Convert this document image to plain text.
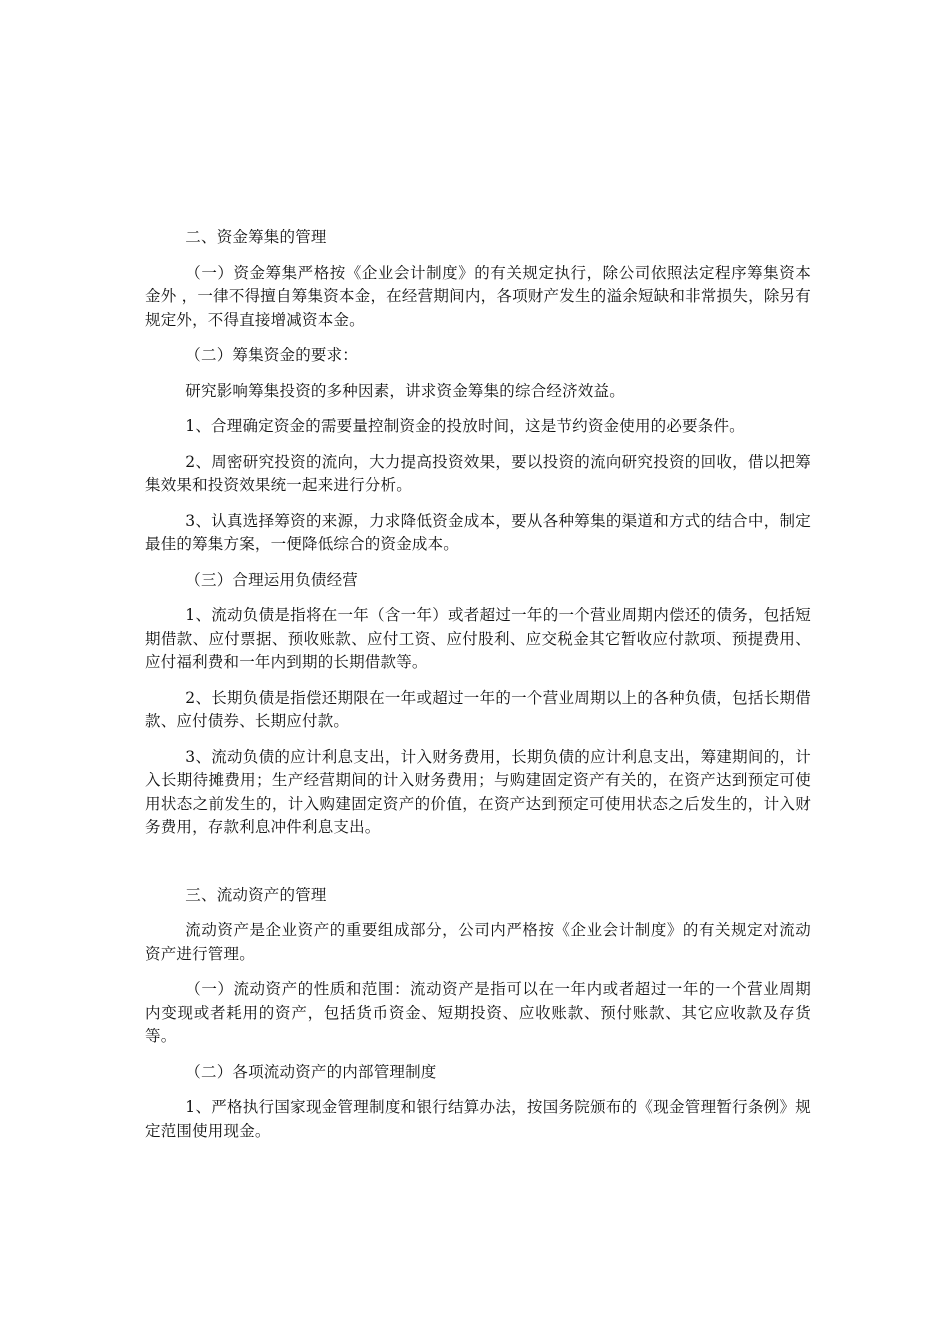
二、资金筹集的管理

（一）资金筹集严格按《企业会计制度》的有关规定执行，除公司依照法定程序筹集资本金外 ，一律不得擅自筹集资本金，在经营期间内，各项财产发生的溢余短缺和非常损失，除另有规定外，不得直接增减资本金。

（二）筹集资金的要求：

研究影响筹集投资的多种因素，讲求资金筹集的综合经济效益。

1、合理确定资金的需要量控制资金的投放时间，这是节约资金使用的必要条件。

2、周密研究投资的流向，大力提高投资效果，要以投资的流向研究投资的回收，借以把筹集效果和投资效果统一起来进行分析。

3、认真选择筹资的来源，力求降低资金成本，要从各种筹集的渠道和方式的结合中，制定最佳的筹集方案，一便降低综合的资金成本。

（三）合理运用负债经营

1、流动负债是指将在一年（含一年）或者超过一年的一个营业周期内偿还的债务，包括短期借款、应付票据、预收账款、应付工资、应付股利、应交税金其它暂收应付款项、预提费用、应付福利费和一年内到期的长期借款等。

2、长期负债是指偿还期限在一年或超过一年的一个营业周期以上的各种负债，包括长期借款、应付债券、长期应付款。

3、流动负债的应计利息支出，计入财务费用，长期负债的应计利息支出，筹建期间的，计入长期待摊费用；生产经营期间的计入财务费用；与购建固定资产有关的，在资产达到预定可使用状态之前发生的，计入购建固定资产的价值，在资产达到预定可使用状态之后发生的，计入财务费用，存款利息冲件利息支出。

三、流动资产的管理

流动资产是企业资产的重要组成部分，公司内严格按《企业会计制度》的有关规定对流动资产进行管理。

（一）流动资产的性质和范围：流动资产是指可以在一年内或者超过一年的一个营业周期内变现或者耗用的资产，包括货币资金、短期投资、应收账款、预付账款、其它应收款及存货等。

（二）各项流动资产的内部管理制度

1、严格执行国家现金管理制度和银行结算办法，按国务院颁布的《现金管理暂行条例》规定范围使用现金。
